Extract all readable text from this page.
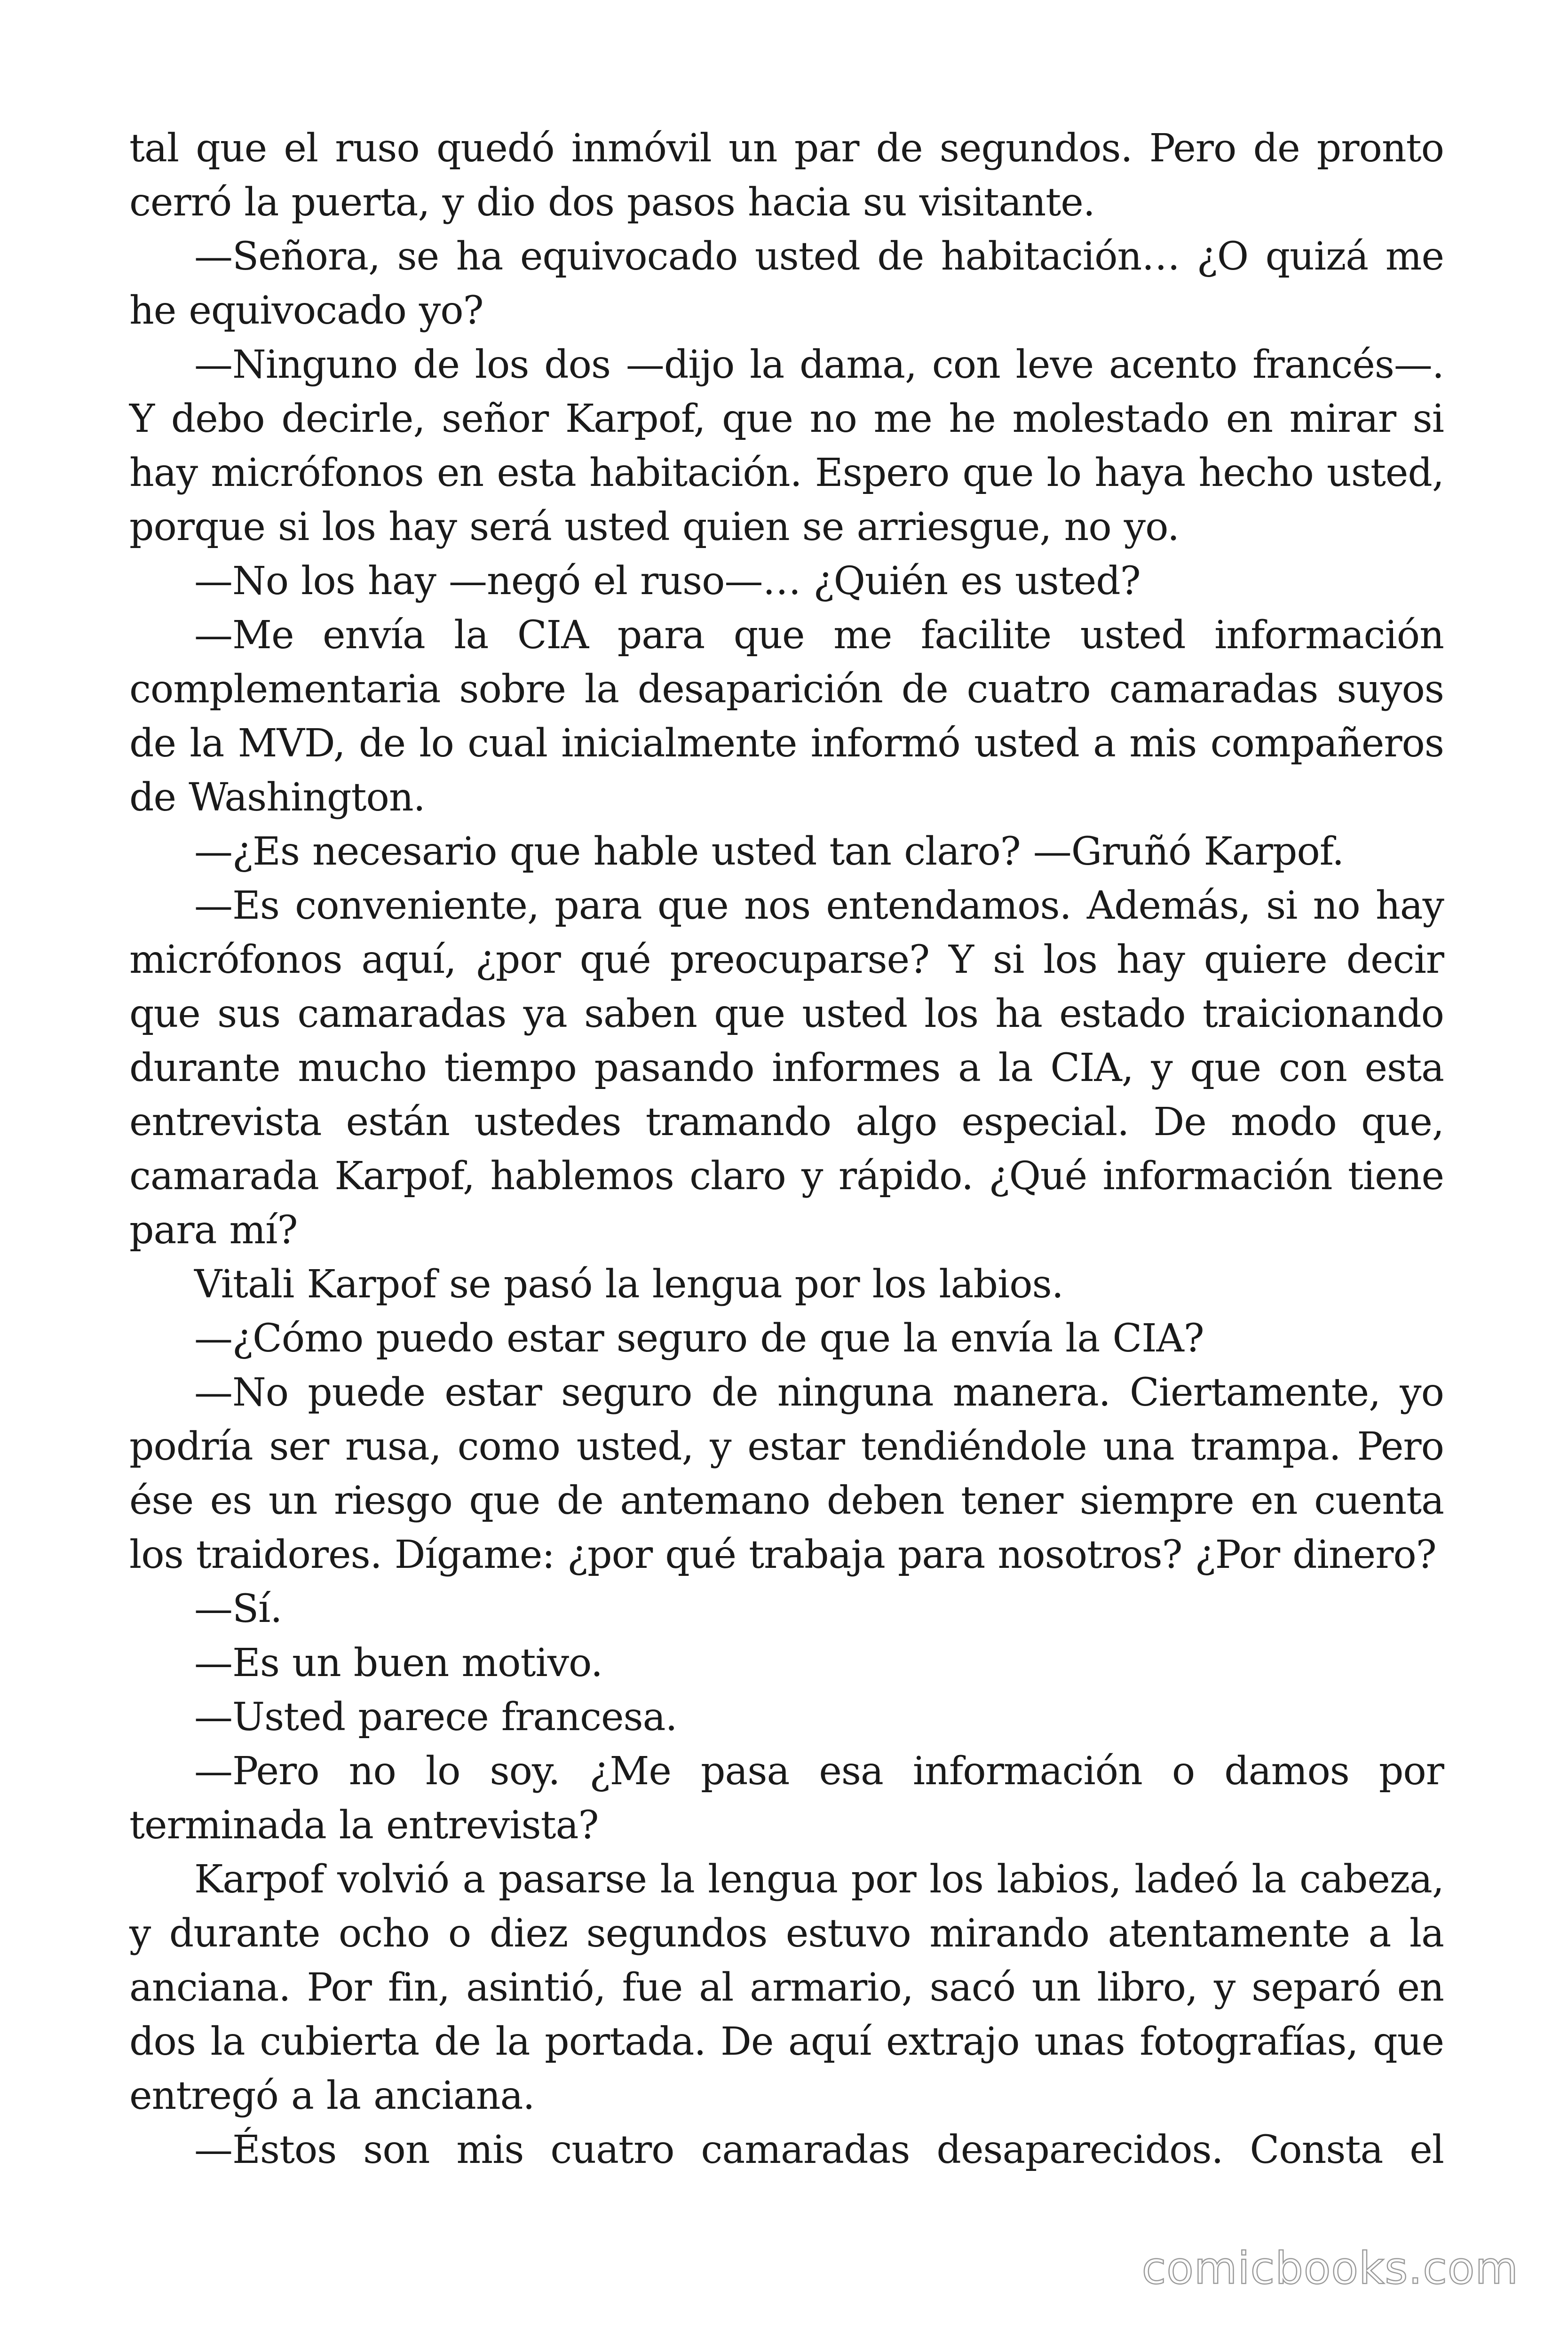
tal que el ruso quedó inmóvil un par de segundos. Pero de pronto cerró la puerta, y dio dos pasos hacia su visitante.

—Señora, se ha equivocado usted de habitación… ¿O quizá me he equivocado yo?

—Ninguno de los dos —dijo la dama, con leve acento francés—. Y debo decirle, señor Karpof, que no me he molestado en mirar si hay micrófonos en esta habitación. Espero que lo haya hecho usted, porque si los hay será usted quien se arriesgue, no yo.

—No los hay —negó el ruso—… ¿Quién es usted?

—Me envía la CIA para que me facilite usted información complementaria sobre la desaparición de cuatro camaradas suyos de la MVD, de lo cual inicialmente informó usted a mis compañeros de Washington.

—¿Es necesario que hable usted tan claro? —Gruñó Karpof.

—Es conveniente, para que nos entendamos. Además, si no hay micrófonos aquí, ¿por qué preocuparse? Y si los hay quiere decir que sus camaradas ya saben que usted los ha estado traicionando durante mucho tiempo pasando informes a la CIA, y que con esta entrevista están ustedes tramando algo especial. De modo que, camarada Karpof, hablemos claro y rápido. ¿Qué información tiene para mí?

Vitali Karpof se pasó la lengua por los labios.

—¿Cómo puedo estar seguro de que la envía la CIA?

—No puede estar seguro de ninguna manera. Ciertamente, yo podría ser rusa, como usted, y estar tendiéndole una trampa. Pero ése es un riesgo que de antemano deben tener siempre en cuenta los traidores. Dígame: ¿por qué trabaja para nosotros? ¿Por dinero?

—Sí.

—Es un buen motivo.

—Usted parece francesa.

—Pero no lo soy. ¿Me pasa esa información o damos por terminada la entrevista?

Karpof volvió a pasarse la lengua por los labios, ladeó la cabeza, y durante ocho o diez segundos estuvo mirando atentamente a la anciana. Por fin, asintió, fue al armario, sacó un libro, y separó en dos la cubierta de la portada. De aquí extrajo unas fotografías, que entregó a la anciana.

—Éstos son mis cuatro camaradas desaparecidos. Consta el

comicbooks.com
